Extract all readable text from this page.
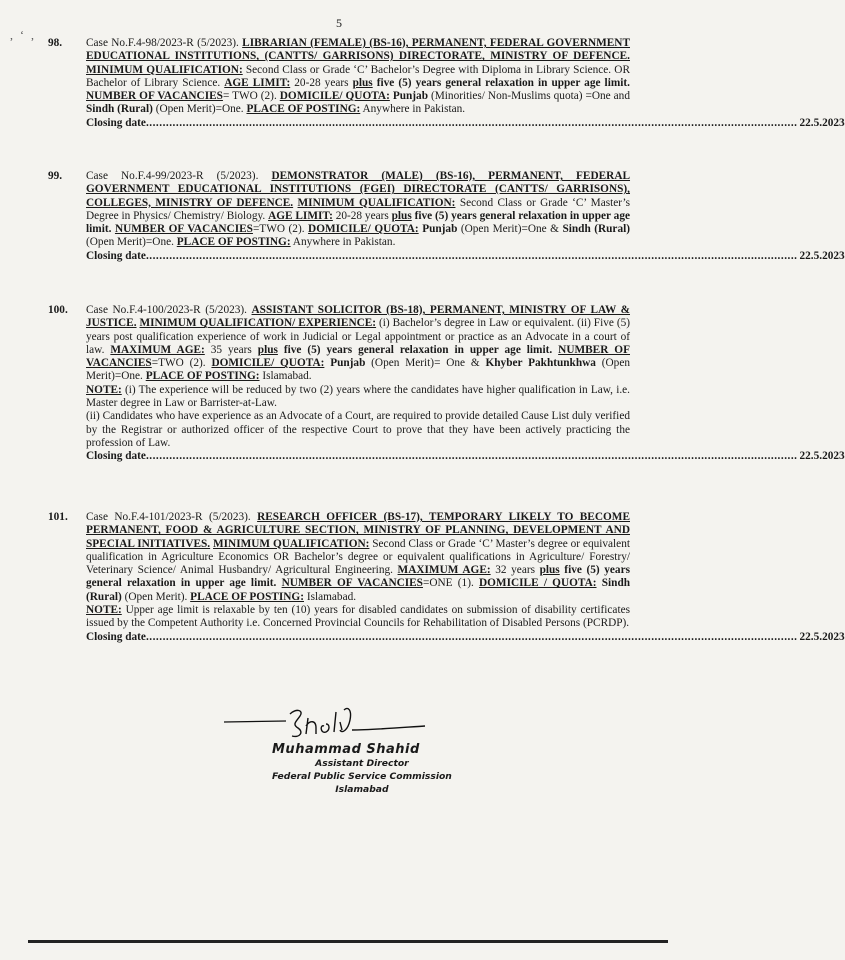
5
, ‘ ,
98. Case No.F.4-98/2023-R (5/2023). LIBRARIAN (FEMALE) (BS-16), PERMANENT, FEDERAL GOVERNMENT EDUCATIONAL INSTITUTIONS, (CANTTS/ GARRISONS) DIRECTORATE, MINISTRY OF DEFENCE. MINIMUM QUALIFICATION: Second Class or Grade ‘C’ Bachelor’s Degree with Diploma in Library Science. OR Bachelor of Library Science. AGE LIMIT: 20-28 years plus five (5) years general relaxation in upper age limit. NUMBER OF VACANCIES= TWO (2). DOMICILE/ QUOTA: Punjab (Minorities/ Non-Muslims quota) =One and Sindh (Rural) (Open Merit)=One. PLACE OF POSTING: Anywhere in Pakistan.

Closing date .................................................................................................................................................................................................... 22.5.2023
99. Case No.F.4-99/2023-R (5/2023). DEMONSTRATOR (MALE) (BS-16), PERMANENT, FEDERAL GOVERNMENT EDUCATIONAL INSTITUTIONS (FGEI) DIRECTORATE (CANTTS/ GARRISONS), COLLEGES, MINISTRY OF DEFENCE. MINIMUM QUALIFICATION: Second Class or Grade ‘C’ Master’s Degree in Physics/ Chemistry/ Biology. AGE LIMIT: 20-28 years plus five (5) years general relaxation in upper age limit. NUMBER OF VACANCIES=TWO (2). DOMICILE/ QUOTA: Punjab (Open Merit)=One & Sindh (Rural) (Open Merit)=One. PLACE OF POSTING: Anywhere in Pakistan.

Closing date .................................................................................................................................................................................................... 22.5.2023
100. Case No.F.4-100/2023-R (5/2023). ASSISTANT SOLICITOR (BS-18), PERMANENT, MINISTRY OF LAW & JUSTICE. MINIMUM QUALIFICATION/ EXPERIENCE: (i) Bachelor’s degree in Law or equivalent. (ii) Five (5) years post qualification experience of work in Judicial or Legal appointment or practice as an Advocate in a court of law. MAXIMUM AGE: 35 years plus five (5) years general relaxation in upper age limit. NUMBER OF VACANCIES=TWO (2). DOMICILE/ QUOTA: Punjab (Open Merit)= One & Khyber Pakhtunkhwa (Open Merit)=One. PLACE OF POSTING: Islamabad.

NOTE: (i) The experience will be reduced by two (2) years where the candidates have higher qualification in Law, i.e. Master degree in Law or Barrister-at-Law.

(ii) Candidates who have experience as an Advocate of a Court, are required to provide detailed Cause List duly verified by the Registrar or authorized officer of the respective Court to prove that they have been actively practicing the profession of Law.

Closing date .................................................................................................................................................................................................... 22.5.2023
101. Case No.F.4-101/2023-R (5/2023). RESEARCH OFFICER (BS-17), TEMPORARY LIKELY TO BECOME PERMANENT, FOOD & AGRICULTURE SECTION, MINISTRY OF PLANNING, DEVELOPMENT AND SPECIAL INITIATIVES. MINIMUM QUALIFICATION: Second Class or Grade ‘C’ Master’s degree or equivalent qualification in Agriculture Economics OR Bachelor’s degree or equivalent qualifications in Agriculture/ Forestry/ Veterinary Science/ Animal Husbandry/ Agricultural Engineering. MAXIMUM AGE: 32 years plus five (5) years general relaxation in upper age limit. NUMBER OF VACANCIES=ONE (1). DOMICILE / QUOTA: Sindh (Rural) (Open Merit). PLACE OF POSTING: Islamabad.

NOTE: Upper age limit is relaxable by ten (10) years for disabled candidates on submission of disability certificates issued by the Competent Authority i.e. Concerned Provincial Councils for Rehabilitation of Disabled Persons (PCRDP).

Closing date .................................................................................................................................................................................................... 22.5.2023
Muhammad Shahid
Assistant Director
Federal Public Service Commission
Islamabad
